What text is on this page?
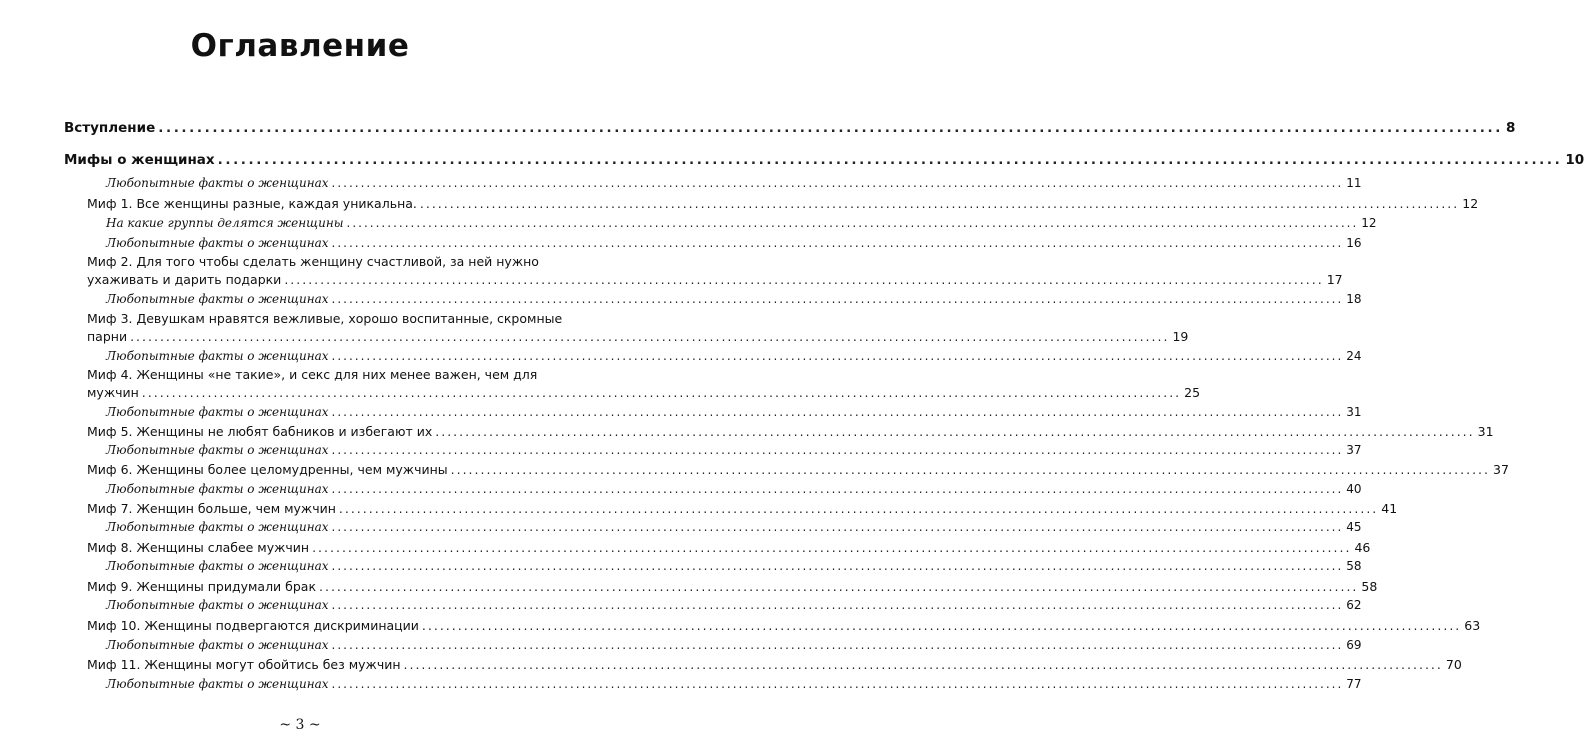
Оглавление
Вступление .............................................................................................................................................................................. 8
Мифы о женщинах .............................................................................................................................................................................. 10
Любопытные факты о женщинах .............................................................................................................................................................................. 11
Миф 1. Все женщины разные, каждая уникальна. .............................................................................................................................................................................. 12
На какие группы делятся женщины .............................................................................................................................................................................. 12
Любопытные факты о женщинах .............................................................................................................................................................................. 16
Миф 2. Для того чтобы сделать женщину счастливой, за ней нужно
ухаживать и дарить подарки .............................................................................................................................................................................. 17
Любопытные факты о женщинах .............................................................................................................................................................................. 18
Миф 3. Девушкам нравятся вежливые, хорошо воспитанные, скромные
парни .............................................................................................................................................................................. 19
Любопытные факты о женщинах .............................................................................................................................................................................. 24
Миф 4. Женщины «не такие», и секс для них менее важен, чем для
мужчин .............................................................................................................................................................................. 25
Любопытные факты о женщинах .............................................................................................................................................................................. 31
Миф 5. Женщины не любят бабников и избегают их .............................................................................................................................................................................. 31
Любопытные факты о женщинах .............................................................................................................................................................................. 37
Миф 6. Женщины более целомудренны, чем мужчины .............................................................................................................................................................................. 37
Любопытные факты о женщинах .............................................................................................................................................................................. 40
Миф 7. Женщин больше, чем мужчин .............................................................................................................................................................................. 41
Любопытные факты о женщинах .............................................................................................................................................................................. 45
Миф 8. Женщины слабее мужчин .............................................................................................................................................................................. 46
Любопытные факты о женщинах .............................................................................................................................................................................. 58
Миф 9. Женщины придумали брак .............................................................................................................................................................................. 58
Любопытные факты о женщинах .............................................................................................................................................................................. 62
Миф 10. Женщины подвергаются дискриминации .............................................................................................................................................................................. 63
Любопытные факты о женщинах .............................................................................................................................................................................. 69
Миф 11. Женщины могут обойтись без мужчин .............................................................................................................................................................................. 70
Любопытные факты о женщинах .............................................................................................................................................................................. 77
~ 3 ~
